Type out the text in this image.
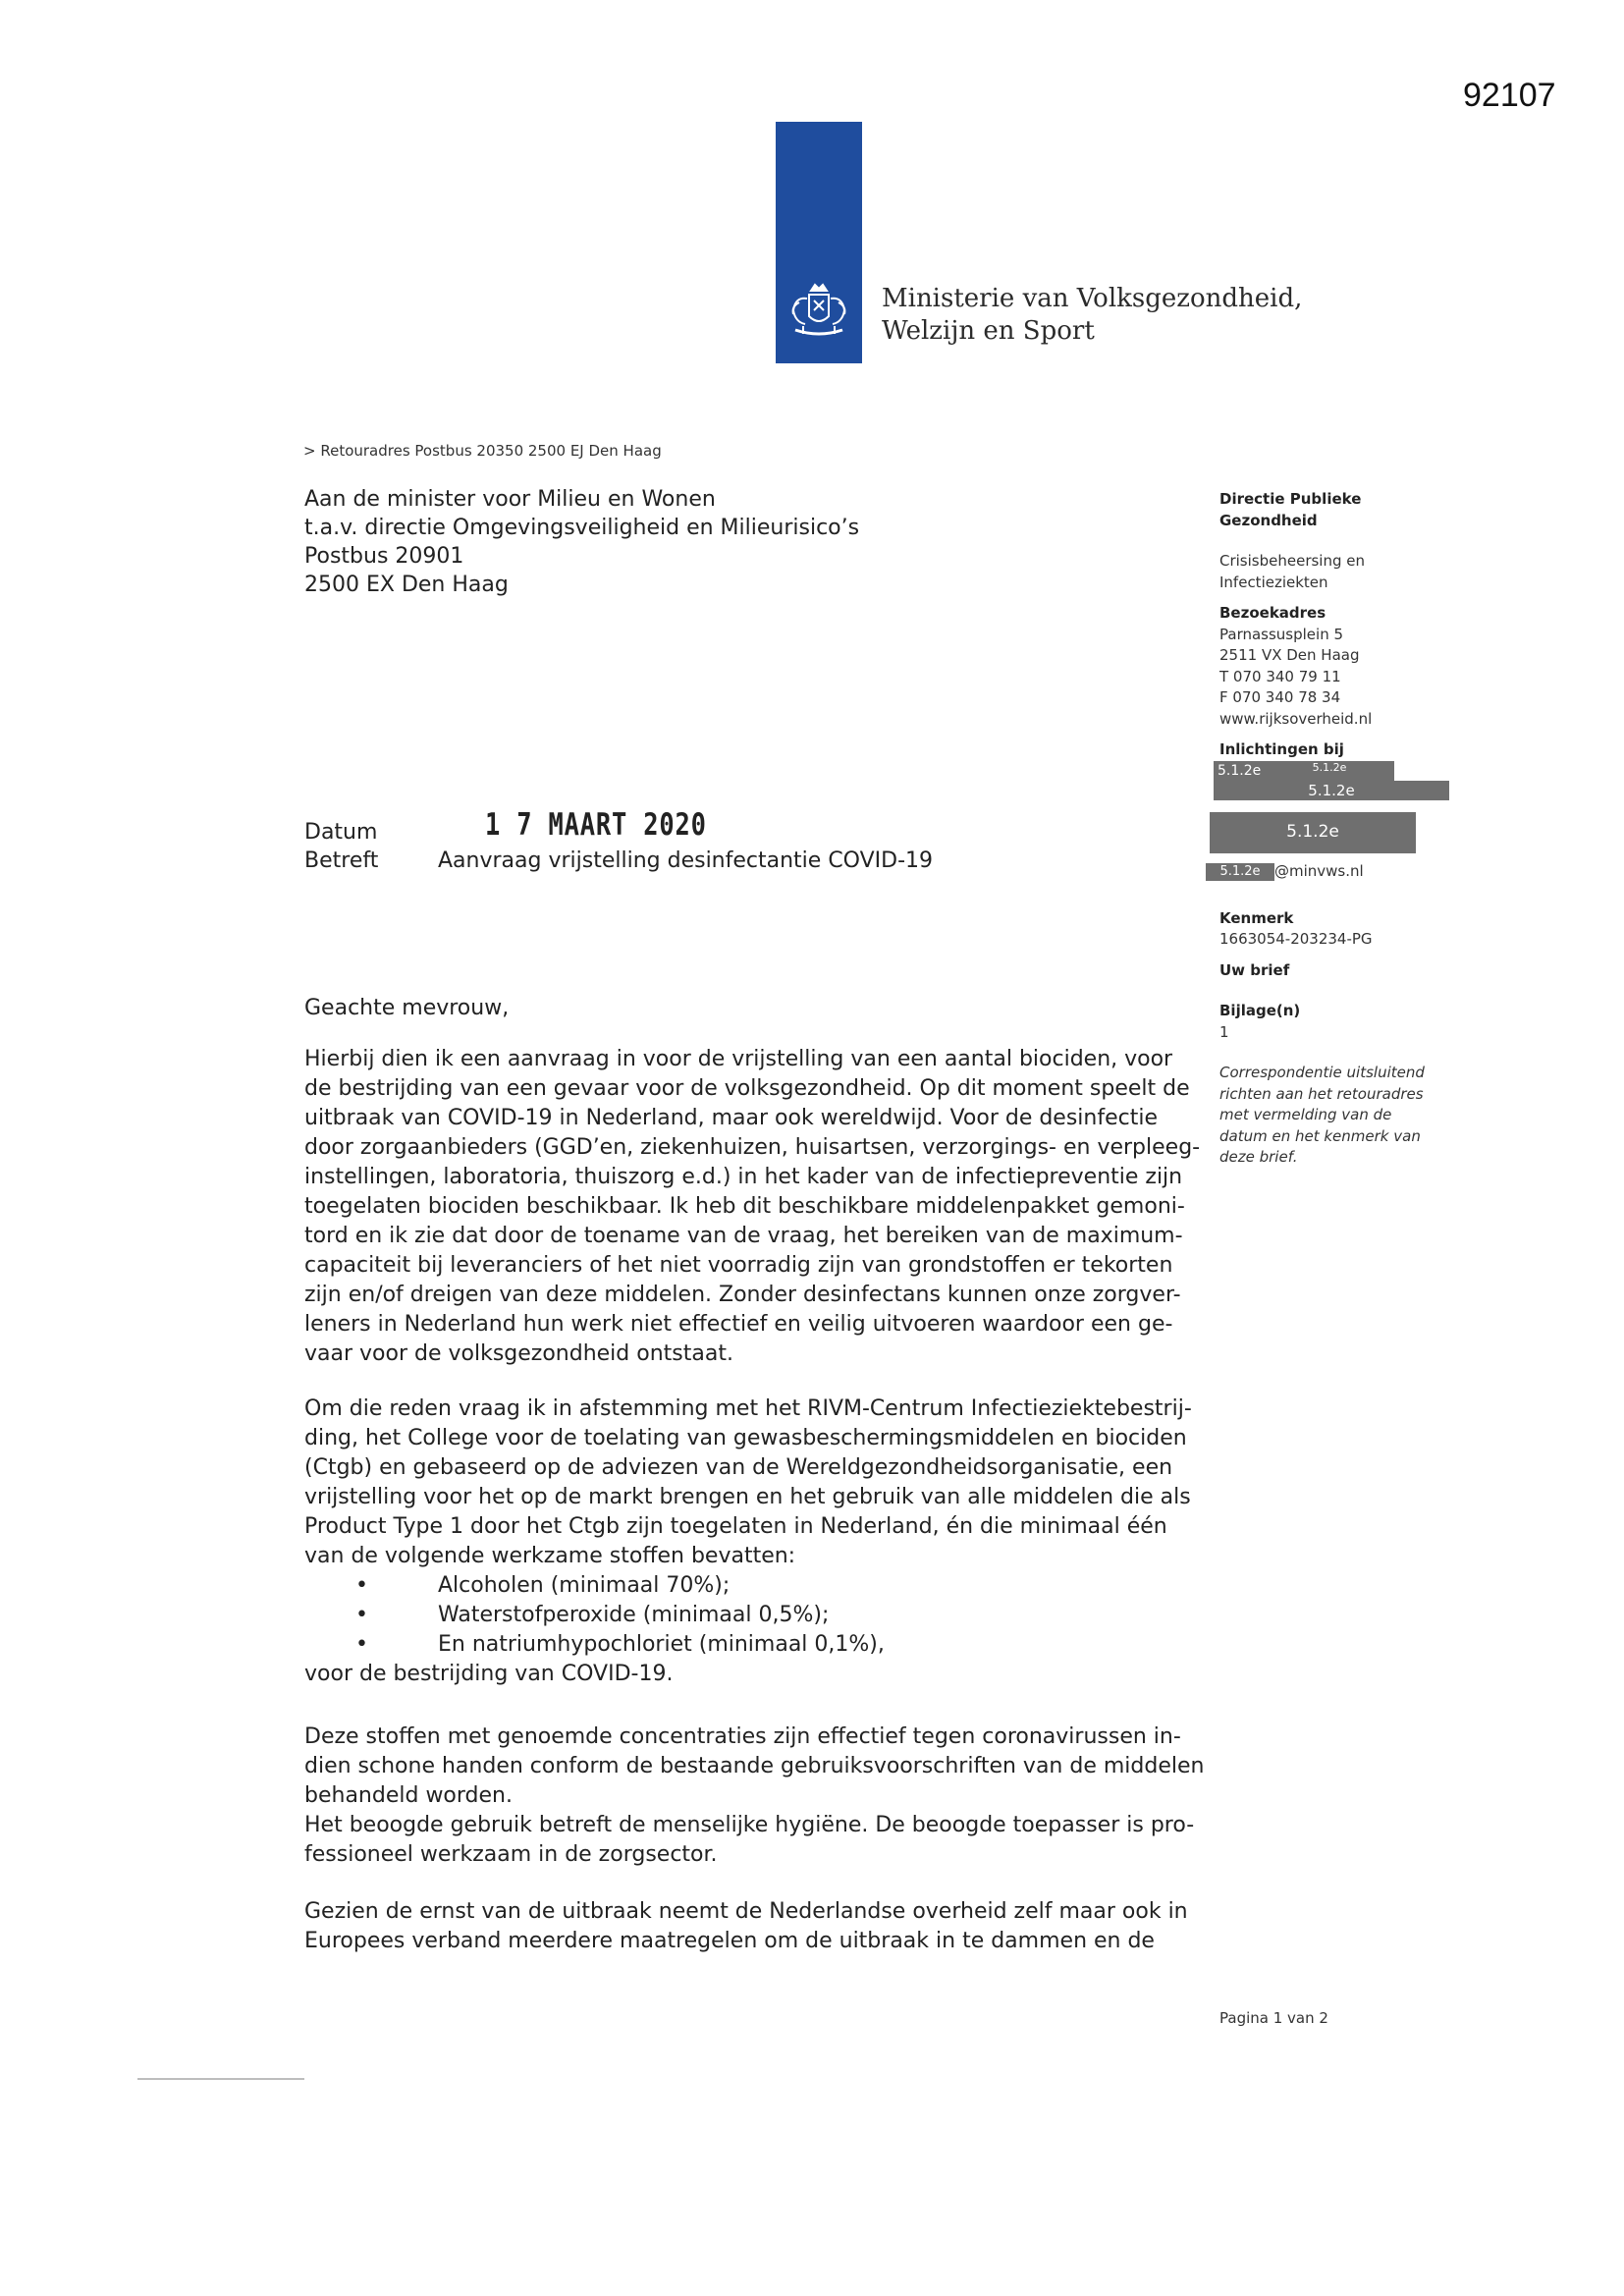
92107
Ministerie van Volksgezondheid,
Welzijn en Sport
> Retouradres Postbus 20350 2500 EJ Den Haag
Aan de minister voor Milieu en Wonen
t.a.v. directie Omgevingsveiligheid en Milieurisico’s
Postbus 20901
2500 EX Den Haag
Directie Publieke
Gezondheid
Crisisbeheersing en
Infectieziekten
Bezoekadres
Parnassusplein 5
2511 VX Den Haag
T 070 340 79 11
F 070 340 78 34
www.rijksoverheid.nl
Inlichtingen bij
5.1.2e	5.1.2e
5.1.2e
5.1.2e
5.1.2e @minvws.nl
Kenmerk
1663054-203234-PG
Uw brief
Bijlage(n)
1
Correspondentie uitsluitend
richten aan het retouradres
met vermelding van de
datum en het kenmerk van
deze brief.
Datum	1 7 MAART 2020
Betreft	Aanvraag vrijstelling desinfectantie COVID-19
Geachte mevrouw,
Hierbij dien ik een aanvraag in voor de vrijstelling van een aantal biociden, voor
de bestrijding van een gevaar voor de volksgezondheid. Op dit moment speelt de
uitbraak van COVID-19 in Nederland, maar ook wereldwijd. Voor de desinfectie
door zorgaanbieders (GGD’en, ziekenhuizen, huisartsen, verzorgings- en verpleeg-
instellingen, laboratoria, thuiszorg e.d.) in het kader van de infectiepreventie zijn
toegelaten biociden beschikbaar. Ik heb dit beschikbare middelenpakket gemoni-
tord en ik zie dat door de toename van de vraag, het bereiken van de maximum-
capaciteit bij leveranciers of het niet voorradig zijn van grondstoffen er tekorten
zijn en/of dreigen van deze middelen. Zonder desinfectans kunnen onze zorgver-
leners in Nederland hun werk niet effectief en veilig uitvoeren waardoor een ge-
vaar voor de volksgezondheid ontstaat.
Om die reden vraag ik in afstemming met het RIVM-Centrum Infectieziektebestrij-
ding, het College voor de toelating van gewasbeschermingsmiddelen en biociden
(Ctgb) en gebaseerd op de adviezen van de Wereldgezondheidsorganisatie, een
vrijstelling voor het op de markt brengen en het gebruik van alle middelen die als
Product Type 1 door het Ctgb zijn toegelaten in Nederland, én die minimaal één
van de volgende werkzame stoffen bevatten:
•	Alcoholen (minimaal 70%);
•	Waterstofperoxide (minimaal 0,5%);
•	En natriumhypochloriet (minimaal 0,1%),
voor de bestrijding van COVID-19.
Deze stoffen met genoemde concentraties zijn effectief tegen coronavirussen in-
dien schone handen conform de bestaande gebruiksvoorschriften van de middelen
behandeld worden.
Het beoogde gebruik betreft de menselijke hygiëne. De beoogde toepasser is pro-
fessioneel werkzaam in de zorgsector.
Gezien de ernst van de uitbraak neemt de Nederlandse overheid zelf maar ook in
Europees verband meerdere maatregelen om de uitbraak in te dammen en de
Pagina 1 van 2
